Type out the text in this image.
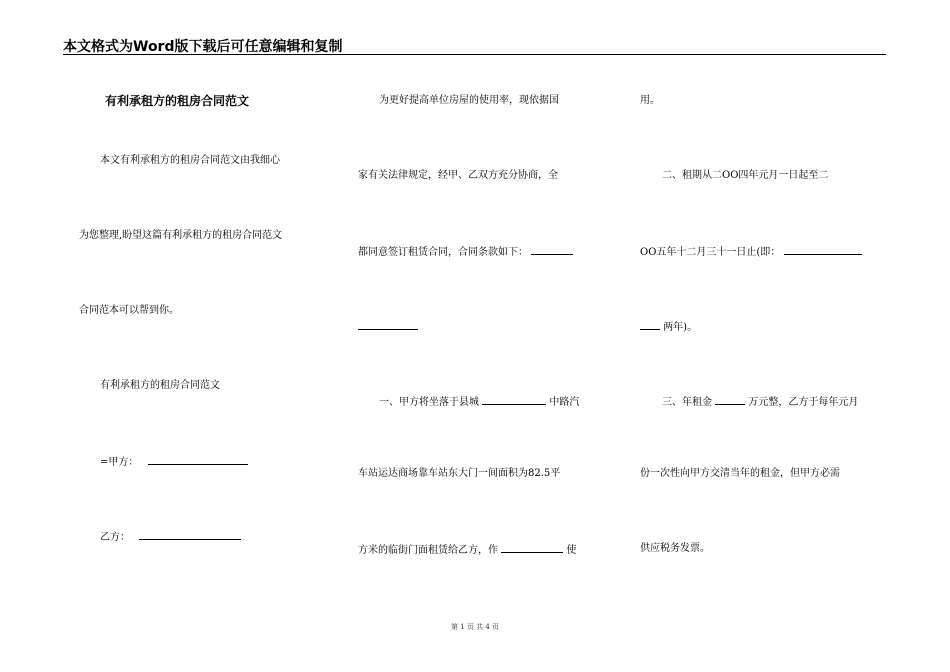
本文格式为Word版下载后可任意编辑和复制
有利承租方的租房合同范文
本文有利承租方的租房合同范文由我细心
为您整理,盼望这篇有利承租方的租房合同范文
合同范本可以帮到你。
有利承租方的租房合同范文
=甲方：
乙方：
为更好提高单位房屋的使用率，现依据国
家有关法律规定，经甲、乙双方充分协商，全
都同意签订租赁合同，合同条款如下：
一、甲方将坐落于县城	中路汽
车站运达商场靠车站东大门一间面积为82.5平
方米的临街门面租赁给乙方，作	使
用。
二、租期从二OO四年元月一日起至二
OO五年十二月三十一日止(即：
两年)。
三、年租金	万元整，乙方于每年元月
份一次性向甲方交清当年的租金，但甲方必需
供应税务发票。
第 1 页 共 4 页
